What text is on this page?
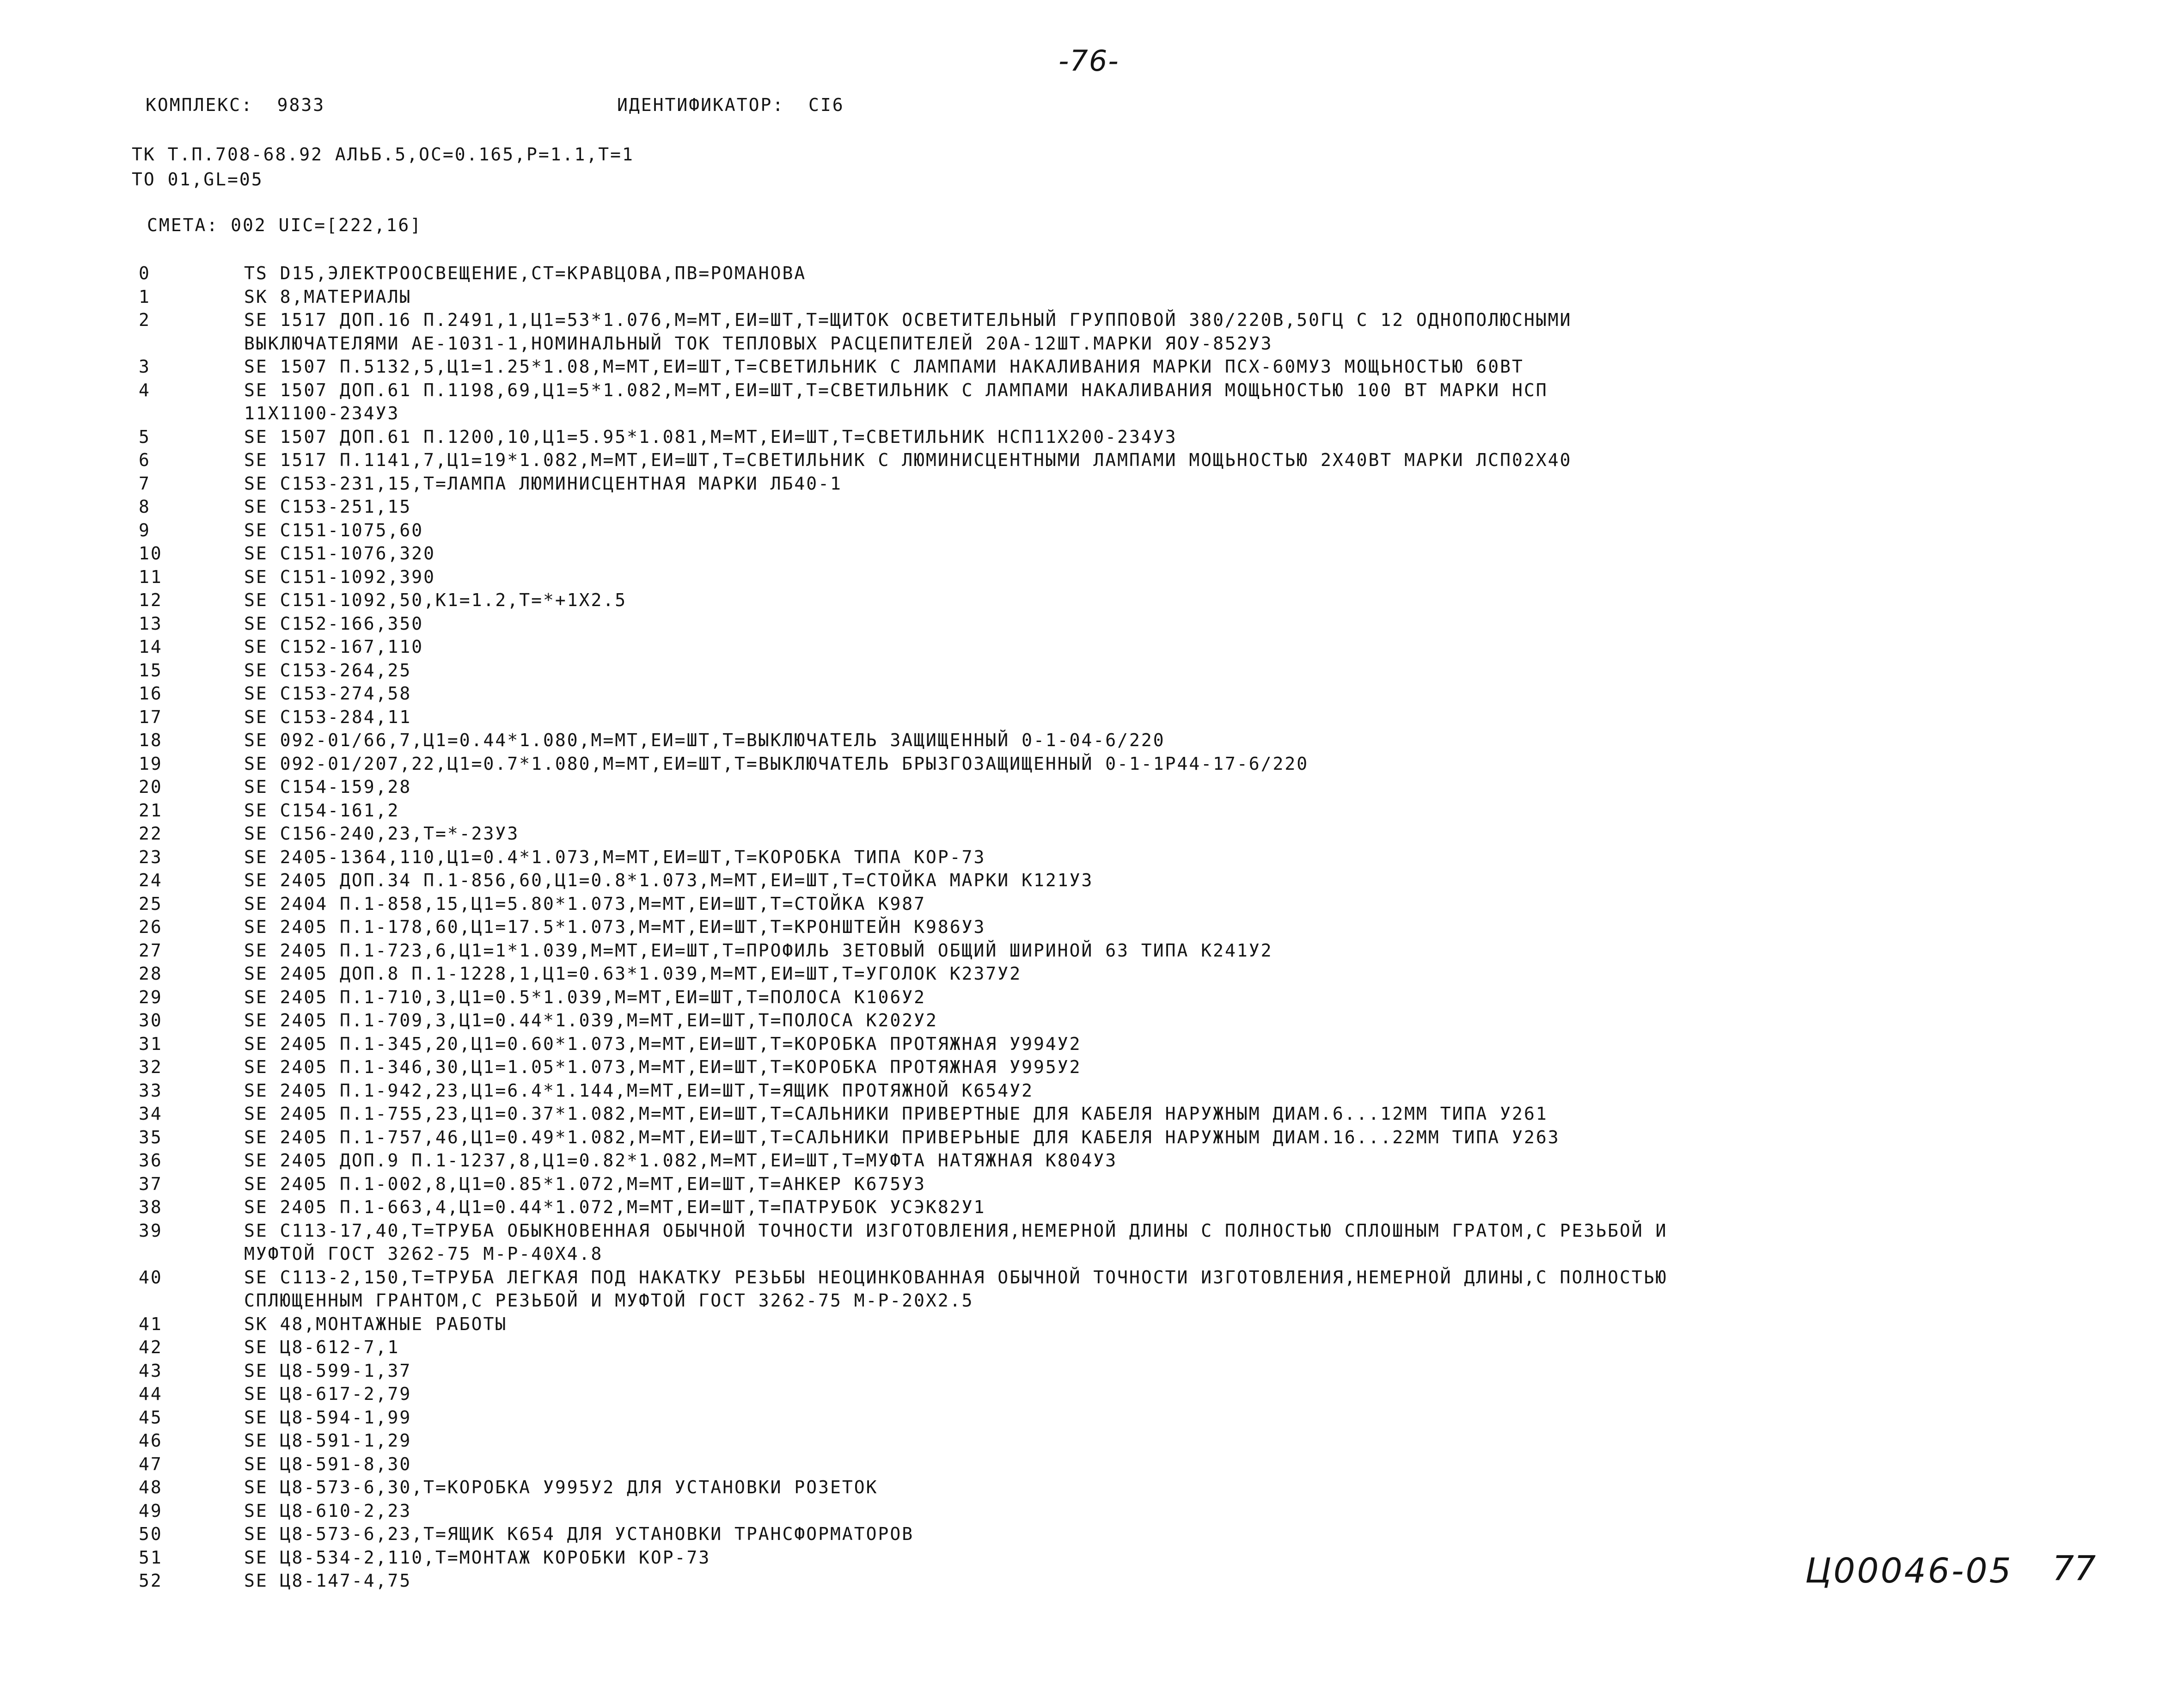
-76-
КОМПЛЕКС:  9833	ИДЕНТИФИКАТОР:  CI6
TK T.П.708-68.92 АЛЬБ.5,ОС=0.165,Р=1.1,Т=1
ТО 01,GL=05
СМЕТА: 002 UIC=[222,16]
0	TS D15,ЭЛЕКТРООСВЕЩЕНИЕ,СТ=КРАВЦОВА,ПВ=РОМАНОВА
1	SK 8,МАТЕРИАЛЫ
2	SE 1517 ДОП.16 П.2491,1,Ц1=53*1.076,M=MT,ЕИ=ШТ,Т=ЩИТОК ОСВЕТИТЕЛЬНЫЙ ГРУППОВОЙ 380/220В,50ГЦ С 12 ОДНОПОЛЮСНЫМИ
ВЫКЛЮЧАТЕЛЯМИ АЕ-1031-1,НОМИНАЛЬНЫЙ ТОК ТЕПЛОВЫХ РАСЦЕПИТЕЛЕЙ 20А-12ШТ.МАРКИ ЯОУ-852УЗ
3	SE 1507 П.5132,5,Ц1=1.25*1.08,M=MT,ЕИ=ШТ,Т=СВЕТИЛЬНИК С ЛАМПАМИ НАКАЛИВАНИЯ МАРКИ ПСХ-60МУЗ МОЩЬНОСТЬЮ 60ВТ
4	SE 1507 ДОП.61 П.1198,69,Ц1=5*1.082,M=MT,ЕИ=ШТ,Т=СВЕТИЛЬНИК С ЛАМПАМИ НАКАЛИВАНИЯ МОЩЬНОСТЬЮ 100 ВТ МАРКИ НСП
11Х1100-234УЗ
5	SE 1507 ДОП.61 П.1200,10,Ц1=5.95*1.081,M=MT,ЕИ=ШТ,Т=СВЕТИЛЬНИК НСП11Х200-234УЗ
6	SE 1517 П.1141,7,Ц1=19*1.082,M=MT,ЕИ=ШТ,Т=СВЕТИЛЬНИК С ЛЮМИНИСЦЕНТНЫМИ ЛАМПАМИ МОЩЬНОСТЬЮ 2Х40ВТ МАРКИ ЛСП02Х40
7	SE C153-231,15,Т=ЛАМПА ЛЮМИНИСЦЕНТНАЯ МАРКИ ЛБ40-1
8	SE C153-251,15
9	SE C151-1075,60
10	SE C151-1076,320
11	SE C151-1092,390
12	SE C151-1092,50,K1=1.2,Т=*+1Х2.5
13	SE C152-166,350
14	SE C152-167,110
15	SE C153-264,25
16	SE C153-274,58
17	SE C153-284,11
18	SE 092-01/66,7,Ц1=0.44*1.080,M=MT,ЕИ=ШТ,Т=ВЫКЛЮЧАТЕЛЬ ЗАЩИЩЕННЫЙ 0-1-04-6/220
19	SE 092-01/207,22,Ц1=0.7*1.080,M=MT,ЕИ=ШТ,Т=ВЫКЛЮЧАТЕЛЬ БРЫЗГОЗАЩИЩЕННЫЙ 0-1-1Р44-17-6/220
20	SE C154-159,28
21	SE C154-161,2
22	SE C156-240,23,Т=*-23УЗ
23	SE 2405-1364,110,Ц1=0.4*1.073,M=MT,ЕИ=ШТ,Т=КОРОБКА ТИПА КОР-73
24	SE 2405 ДОП.34 П.1-856,60,Ц1=0.8*1.073,M=MT,ЕИ=ШТ,Т=СТОЙКА МАРКИ К121УЗ
25	SE 2404 П.1-858,15,Ц1=5.80*1.073,M=MT,ЕИ=ШТ,Т=СТОЙКА К987
26	SE 2405 П.1-178,60,Ц1=17.5*1.073,M=MT,ЕИ=ШТ,Т=КРОНШТЕЙН К986УЗ
27	SE 2405 П.1-723,6,Ц1=1*1.039,M=MT,ЕИ=ШТ,Т=ПРОФИЛЬ ЗЕТОВЫЙ ОБЩИЙ ШИРИНОЙ 63 ТИПА К241У2
28	SE 2405 ДОП.8 П.1-1228,1,Ц1=0.63*1.039,M=MT,ЕИ=ШТ,Т=УГОЛОК К237У2
29	SE 2405 П.1-710,3,Ц1=0.5*1.039,M=MT,ЕИ=ШТ,Т=ПОЛОСА К106У2
30	SE 2405 П.1-709,3,Ц1=0.44*1.039,M=MT,ЕИ=ШТ,Т=ПОЛОСА К202У2
31	SE 2405 П.1-345,20,Ц1=0.60*1.073,M=MT,ЕИ=ШТ,Т=КОРОБКА ПРОТЯЖНАЯ У994У2
32	SE 2405 П.1-346,30,Ц1=1.05*1.073,M=MT,ЕИ=ШТ,Т=КОРОБКА ПРОТЯЖНАЯ У995У2
33	SE 2405 П.1-942,23,Ц1=6.4*1.144,M=MT,ЕИ=ШТ,Т=ЯЩИК ПРОТЯЖНОЙ К654У2
34	SE 2405 П.1-755,23,Ц1=0.37*1.082,M=MT,ЕИ=ШТ,Т=САЛЬНИКИ ПРИВЕРТНЫЕ ДЛЯ КАБЕЛЯ НАРУЖНЫМ ДИАМ.6...12ММ ТИПА У261
35	SE 2405 П.1-757,46,Ц1=0.49*1.082,M=MT,ЕИ=ШТ,Т=САЛЬНИКИ ПРИВЕРЬНЫЕ ДЛЯ КАБЕЛЯ НАРУЖНЫМ ДИАМ.16...22ММ ТИПА У263
36	SE 2405 ДОП.9 П.1-1237,8,Ц1=0.82*1.082,M=MT,ЕИ=ШТ,Т=МУФТА НАТЯЖНАЯ К804УЗ
37	SE 2405 П.1-002,8,Ц1=0.85*1.072,M=MT,ЕИ=ШТ,Т=АНКЕР К675УЗ
38	SE 2405 П.1-663,4,Ц1=0.44*1.072,M=MT,ЕИ=ШТ,Т=ПАТРУБОК УСЭК82У1
39	SE C113-17,40,Т=ТРУБА ОБЫКНОВЕННАЯ ОБЫЧНОЙ ТОЧНОСТИ ИЗГОТОВЛЕНИЯ,НЕМЕРНОЙ ДЛИНЫ С ПОЛНОСТЬЮ СПЛОШНЫМ ГРАТОМ,С РЕЗЬБОЙ И
МУФТОЙ ГОСТ 3262-75 М-Р-40Х4.8
40	SE C113-2,150,Т=ТРУБА ЛЕГКАЯ ПОД НАКАТКУ РЕЗЬБЫ НЕОЦИНКОВАННАЯ ОБЫЧНОЙ ТОЧНОСТИ ИЗГОТОВЛЕНИЯ,НЕМЕРНОЙ ДЛИНЫ,С ПОЛНОСТЬЮ
СПЛЮЩЕННЫМ ГРАНТОМ,С РЕЗЬБОЙ И МУФТОЙ ГОСТ 3262-75 М-Р-20Х2.5
41	SK 48,МОНТАЖНЫЕ РАБОТЫ
42	SE Ц8-612-7,1
43	SE Ц8-599-1,37
44	SE Ц8-617-2,79
45	SE Ц8-594-1,99
46	SE Ц8-591-1,29
47	SE Ц8-591-8,30
48	SE Ц8-573-6,30,Т=КОРОБКА У995У2 ДЛЯ УСТАНОВКИ РОЗЕТОК
49	SE Ц8-610-2,23
50	SE Ц8-573-6,23,Т=ЯЩИК К654 ДЛЯ УСТАНОВКИ ТРАНСФОРМАТОРОВ
51	SE Ц8-534-2,110,Т=МОНТАЖ КОРОБКИ КОР-73
52	SE Ц8-147-4,75	Ц00046-05 77
